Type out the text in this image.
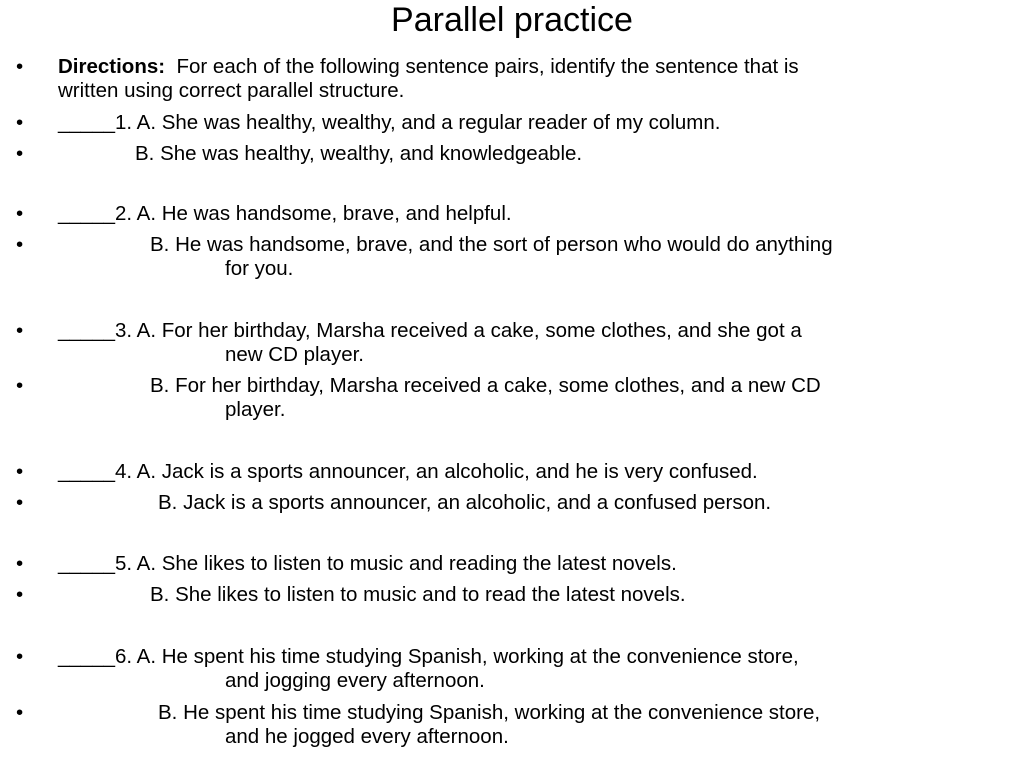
Parallel practice
• Directions:  For each of the following sentence pairs, identify the sentence that is
written using correct parallel structure.
• _____1. A. She was healthy, wealthy, and a regular reader of my column.
•	B. She was healthy, wealthy, and knowledgeable.
• _____2. A. He was handsome, brave, and helpful.
•	B. He was handsome, brave, and the sort of person who would do anything
for you.
• _____3. A. For her birthday, Marsha received a cake, some clothes, and she got a
new CD player.
•	B. For her birthday, Marsha received a cake, some clothes, and a new CD
player.
• _____4. A. Jack is a sports announcer, an alcoholic, and he is very confused.
•	B. Jack is a sports announcer, an alcoholic, and a confused person.
• _____5. A. She likes to listen to music and reading the latest novels.
•	B. She likes to listen to music and to read the latest novels.
• _____6. A. He spent his time studying Spanish, working at the convenience store,
and jogging every afternoon.
•	B. He spent his time studying Spanish, working at the convenience store,
and he jogged every afternoon.
